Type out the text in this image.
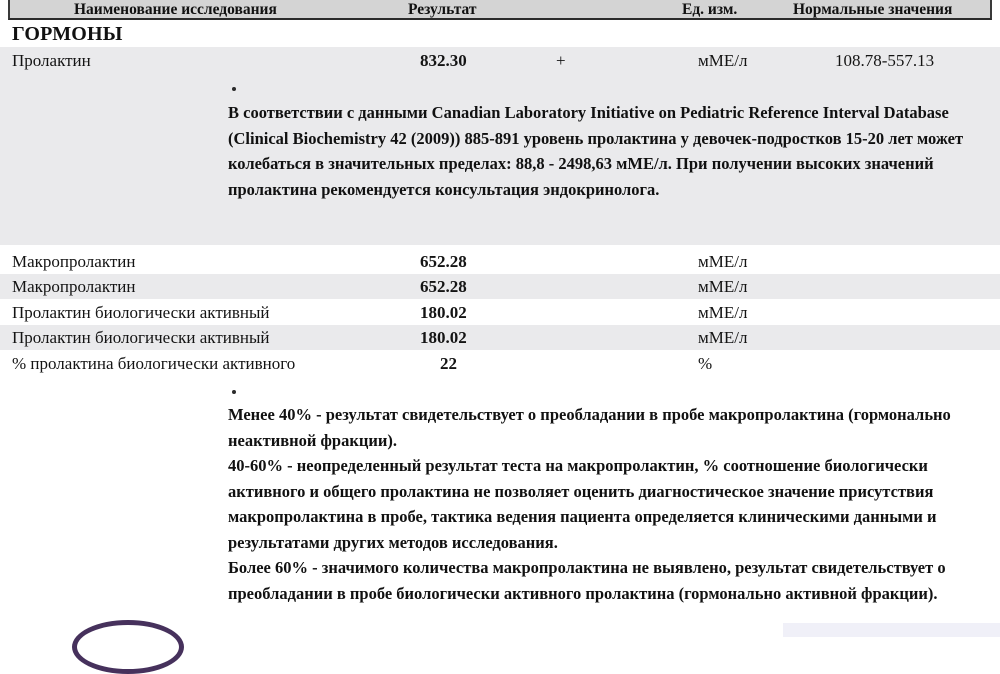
Наименование исследования	Результат	Ед. изм.	Нормальные значения
ГОРМОНЫ
Пролактин	832.30	+	мМЕ/л	108.78-557.13

В соответствии с данными Canadian Laboratory Initiative on Pediatric Reference Interval Database (Clinical Biochemistry 42 (2009)) 885-891 уровень пролактина у девочек-подростков 15-20 лет может колебаться в значительных пределах: 88,8 - 2498,63 мМЕ/л. При получении высоких значений пролактина рекомендуется консультация эндокринолога.

Макропролактин	652.28	мМЕ/л
Макропролактин	652.28	мМЕ/л
Пролактин биологически активный	180.02	мМЕ/л
Пролактин биологически активный	180.02	мМЕ/л
% пролактина биологически активного	22	%

Менее 40% - результат свидетельствует о преобладании в пробе макропролактина (гормонально неактивной фракции).

40-60% - неопределенный результат теста на макропролактин, % соотношение биологически активного и общего пролактина не позволяет оценить диагностическое значение присутствия макропролактина в пробе, тактика ведения пациента определяется клиническими данными и результатами других методов исследования.

Более 60% - значимого количества макропролактина не выявлено, результат свидетельствует о преобладании в пробе биологически активного пролактина (гормонально активной фракции).
